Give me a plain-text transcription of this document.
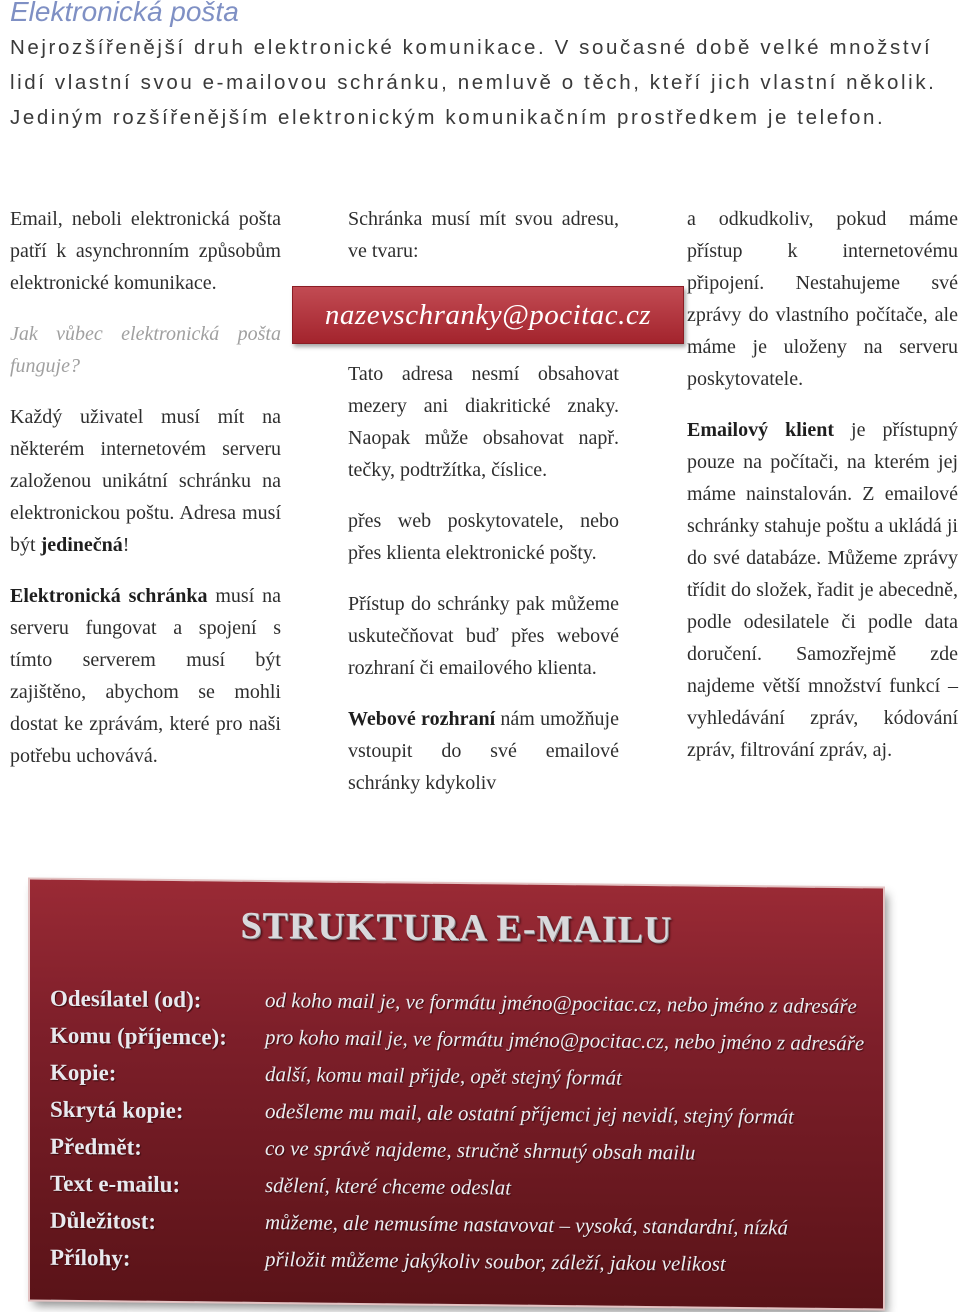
Elektronická pošta

Nejrozšířenější druh elektronické komunikace. V současné době velké množství lidí vlastní svou e-mailovou schránku, nemluvě o těch, kteří jich vlastní několik. Jediným rozšířenějším elektronickým komunikačním prostředkem je telefon.

Email, neboli elektronická pošta patří k asynchronním způsobům elektronické komunikace.

Jak vůbec elektronická pošta funguje?

Každý uživatel musí mít na některém internetovém serveru založenou unikátní schránku na elektronickou poštu. Adresa musí být jedinečná!

Elektronická schránka musí na serveru fungovat a spojení s tímto serverem musí být zajištěno, abychom se mohli dostat ke zprávám, které pro naši potřebu uchovává.

Schránka musí mít svou adresu, ve tvaru:

nazevschranky@pocitac.cz

Tato adresa nesmí obsahovat mezery ani diakritické znaky. Naopak může obsahovat např. tečky, podtržítka, číslice.

přes web poskytovatele, nebo přes klienta elektronické pošty.

Přístup do schránky pak můžeme uskutečňovat buď přes webové rozhraní či emailového klienta.

Webové rozhraní nám umožňuje vstoupit do své emailové schránky kdykoliv

a odkudkoliv, pokud máme přístup k internetovému připojení. Nestahujeme své zprávy do vlastního počítače, ale máme je uloženy na serveru poskytovatele.

Emailový klient je přístupný pouze na počítači, na kterém jej máme nainstalován. Z emailové schránky stahuje poštu a ukládá ji do své databáze. Můžeme zprávy třídit do složek, řadit je abecedně, podle odesilatele či podle data doručení. Samozřejmě zde najdeme větší množství funkcí – vyhledávání zpráv, kódování zpráv, filtrování zpráv, aj.

STRUKTURA E-MAILU
Odesílatel (od):	od koho mail je, ve formátu jméno@pocitac.cz, nebo jméno z adresáře
Komu (příjemce):	pro koho mail je, ve formátu jméno@pocitac.cz, nebo jméno z adresáře
Kopie:	další, komu mail přijde, opět stejný formát
Skrytá kopie:	odešleme mu mail, ale ostatní příjemci jej nevidí, stejný formát
Předmět:	co ve správě najdeme, stručně shrnutý obsah mailu
Text e-mailu:	sdělení, které chceme odeslat
Důležitost:	můžeme, ale nemusíme nastavovat – vysoká, standardní, nízká
Přílohy:	přiložit můžeme jakýkoliv soubor, záleží, jakou velikost
